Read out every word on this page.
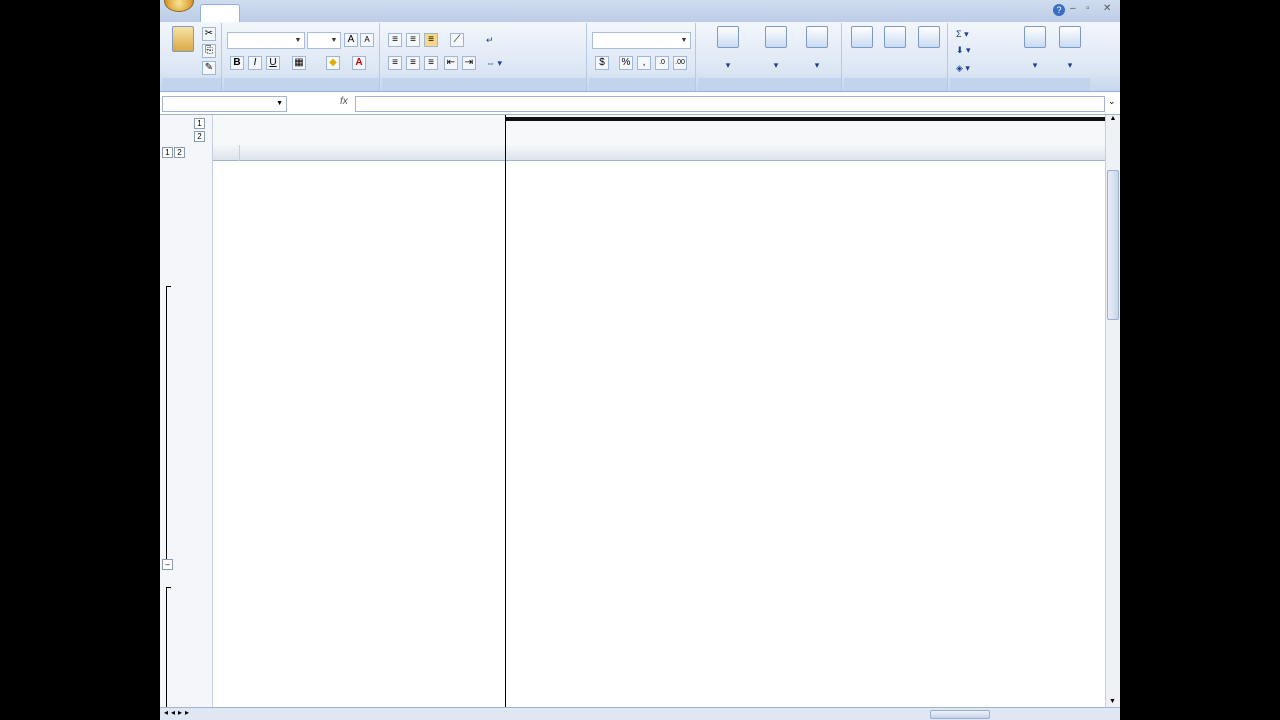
? – ▫ ✕
✂
⎘
✎
▼	▼	A	A
B	I	U	▦	◆	A
≡	≡	≡	⟋
≡	≡	≡	⇤ ⇥
↵
⇔ ▾
▼
$	%	,	.0	.00	▾	▾	▾
Σ ▾
⬇ ▾
◈ ▾	▾	▾
▼	fx	⌄
1
2
1 2
–
▲
▼
◂◂▸▸
